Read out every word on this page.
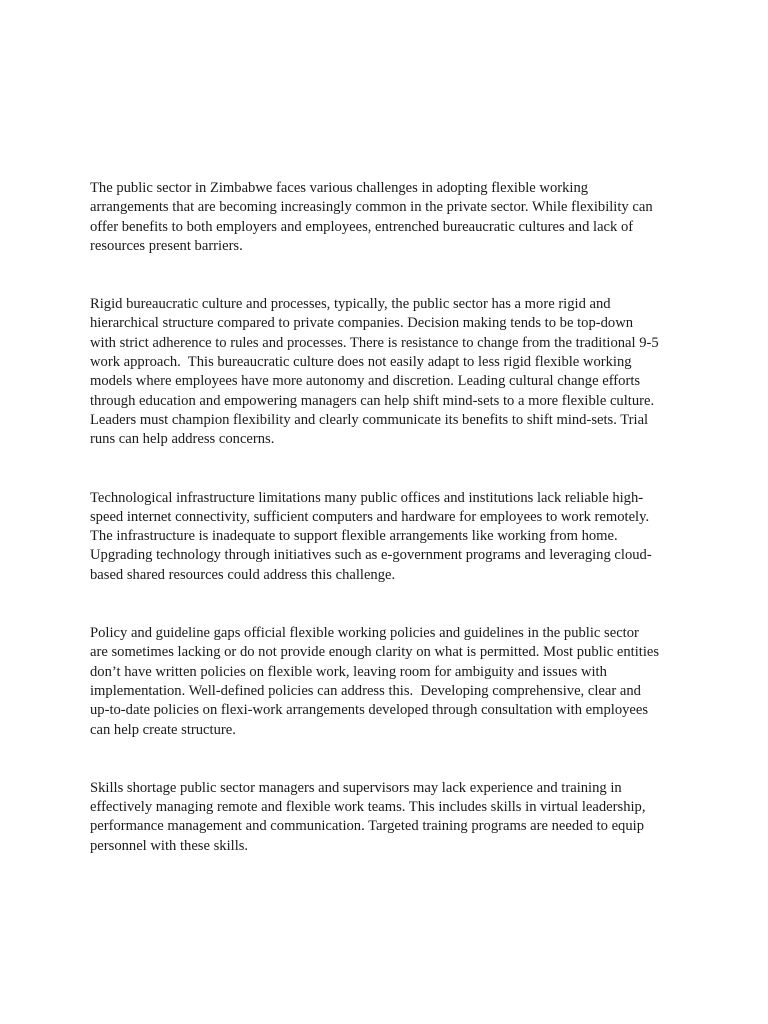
The public sector in Zimbabwe faces various challenges in adopting flexible working
arrangements that are becoming increasingly common in the private sector. While flexibility can
offer benefits to both employers and employees, entrenched bureaucratic cultures and lack of
resources present barriers.

Rigid bureaucratic culture and processes, typically, the public sector has a more rigid and
hierarchical structure compared to private companies. Decision making tends to be top-down
with strict adherence to rules and processes. There is resistance to change from the traditional 9-5
work approach.  This bureaucratic culture does not easily adapt to less rigid flexible working
models where employees have more autonomy and discretion. Leading cultural change efforts
through education and empowering managers can help shift mind-sets to a more flexible culture.
Leaders must champion flexibility and clearly communicate its benefits to shift mind-sets. Trial
runs can help address concerns.

Technological infrastructure limitations many public offices and institutions lack reliable high-
speed internet connectivity, sufficient computers and hardware for employees to work remotely.
The infrastructure is inadequate to support flexible arrangements like working from home.
Upgrading technology through initiatives such as e-government programs and leveraging cloud-
based shared resources could address this challenge.

Policy and guideline gaps official flexible working policies and guidelines in the public sector
are sometimes lacking or do not provide enough clarity on what is permitted. Most public entities
don’t have written policies on flexible work, leaving room for ambiguity and issues with
implementation. Well-defined policies can address this.  Developing comprehensive, clear and
up-to-date policies on flexi-work arrangements developed through consultation with employees
can help create structure.

Skills shortage public sector managers and supervisors may lack experience and training in
effectively managing remote and flexible work teams. This includes skills in virtual leadership,
performance management and communication. Targeted training programs are needed to equip
personnel with these skills.
